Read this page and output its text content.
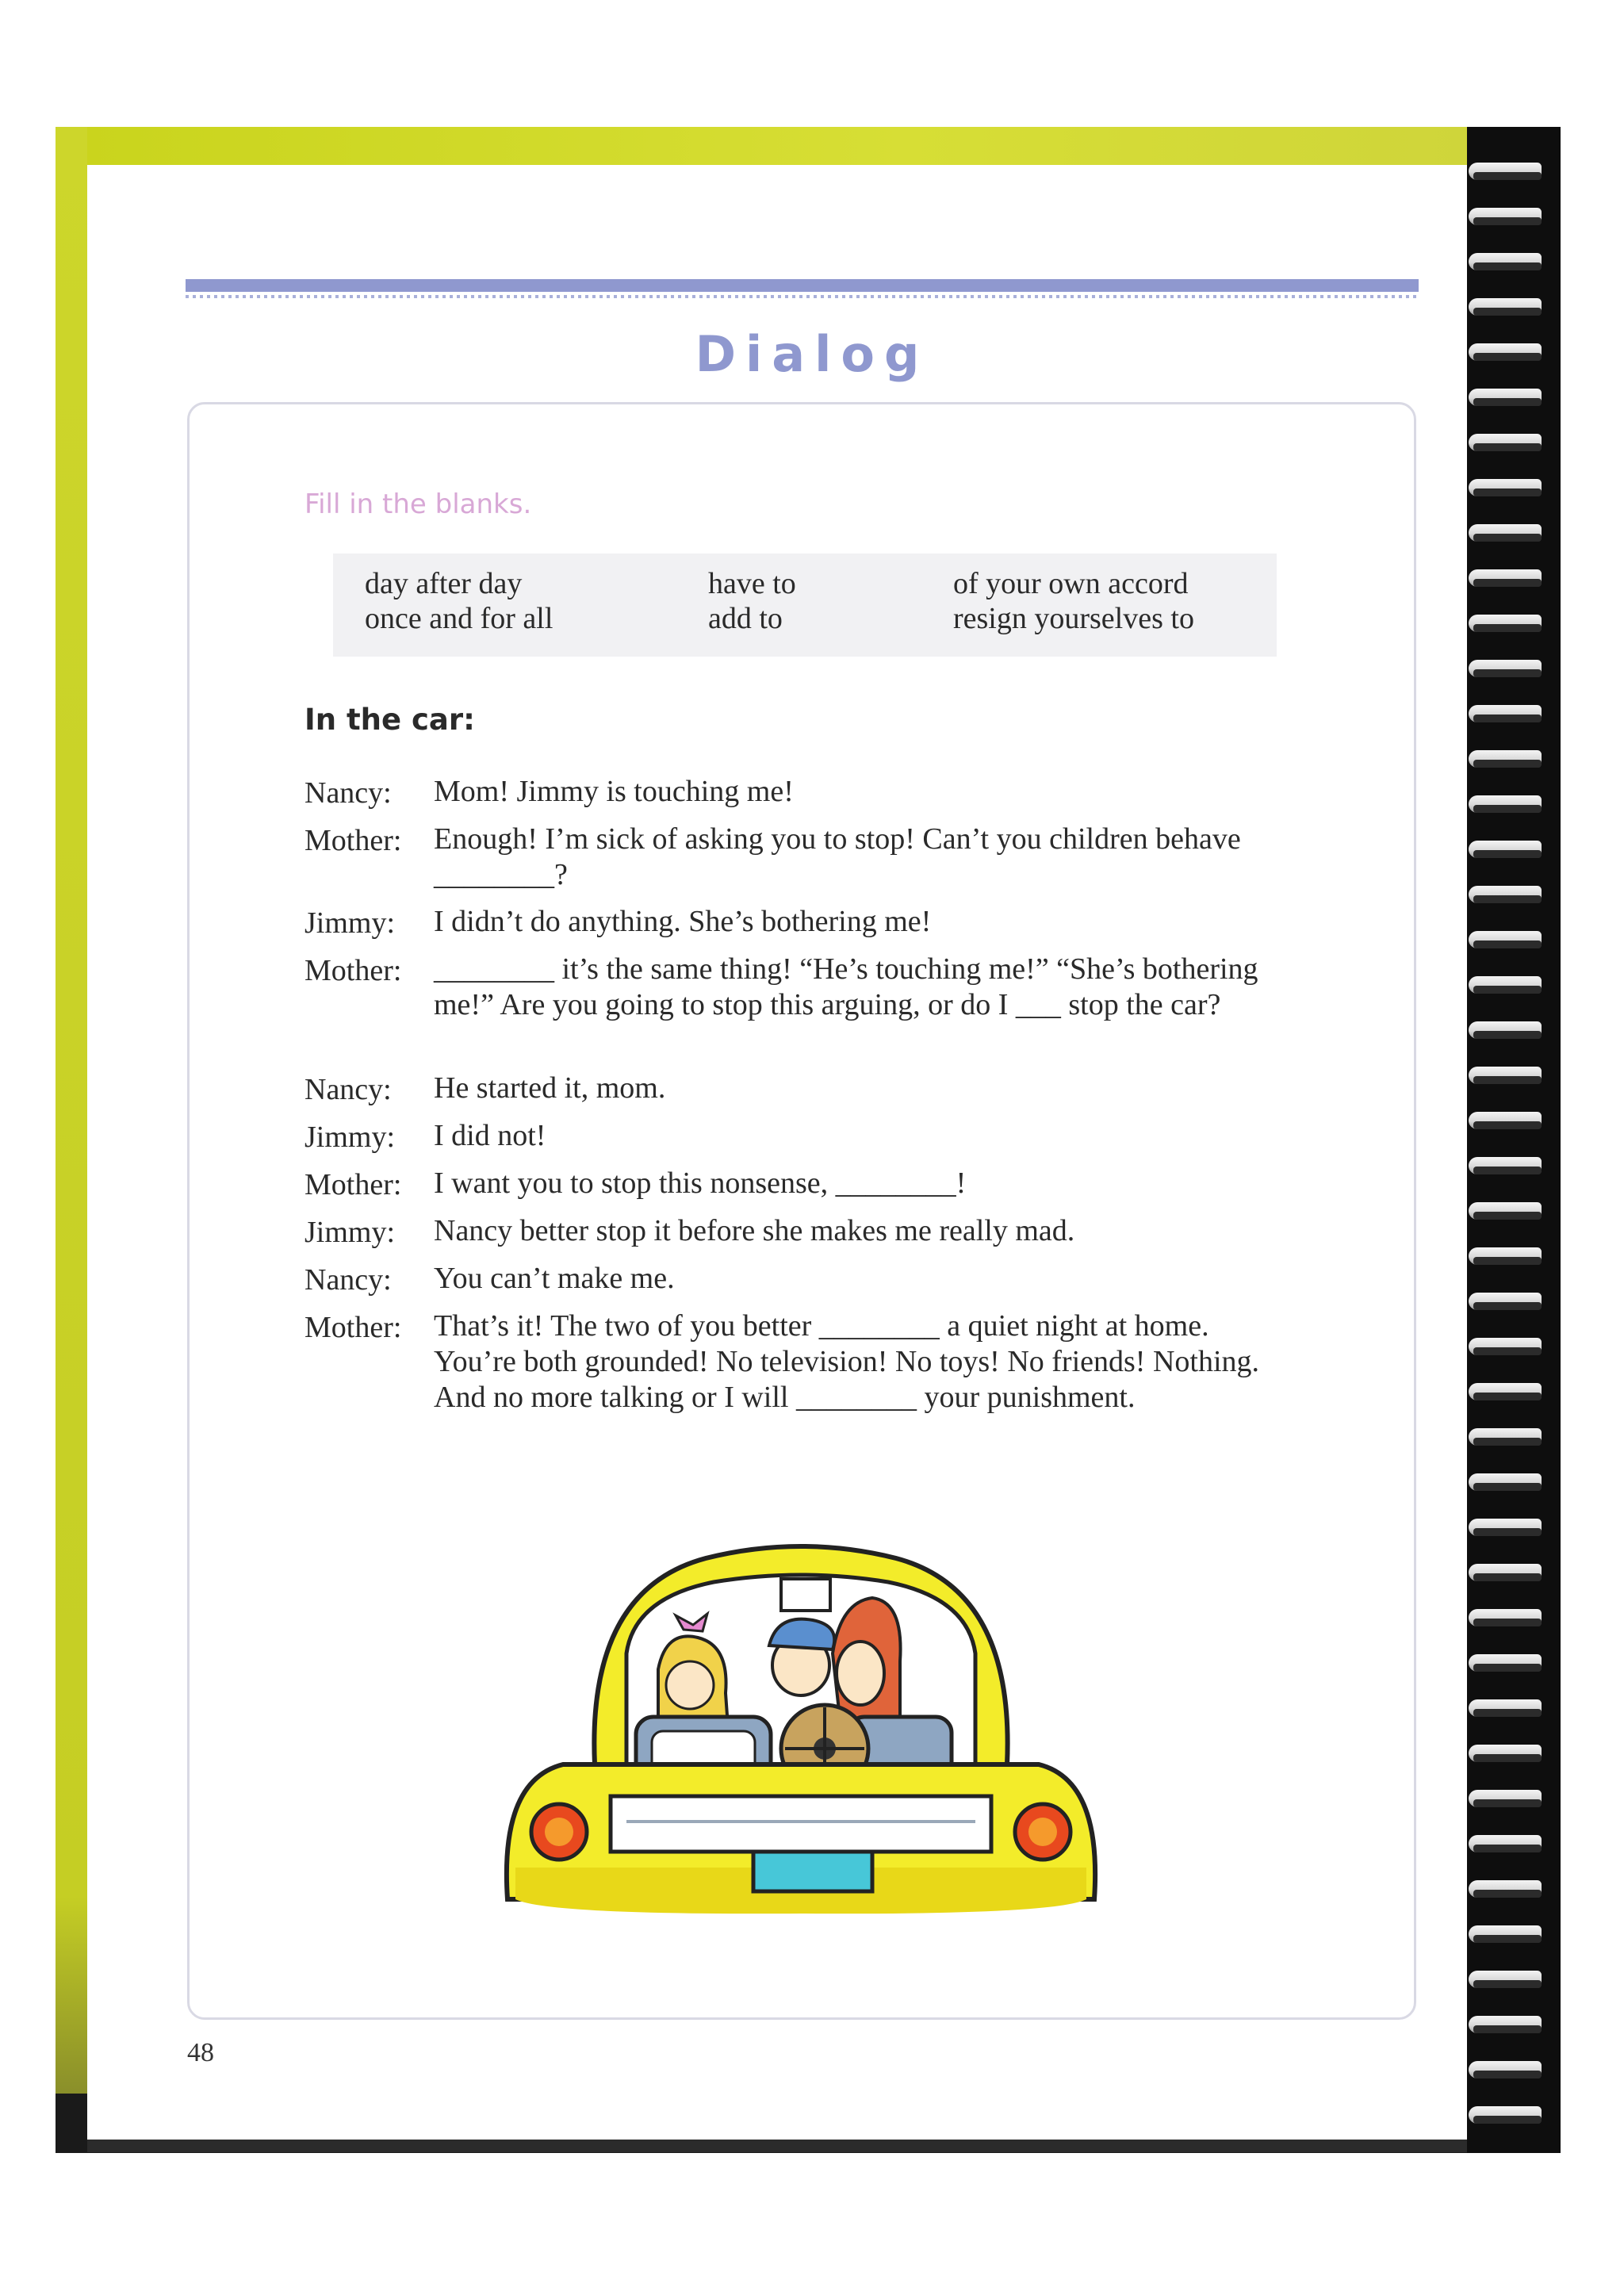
Dialog
Fill in the blanks.
day after day
once and for all
have to
add to
of your own accord
resign yourselves to
In the car:
Nancy: Mom! Jimmy is touching me!
Mother: Enough! I’m sick of asking you to stop! Can’t you children behave ________?
Jimmy: I didn’t do anything. She’s bothering me!
Mother: ________ it’s the same thing! “He’s touching me!” “She’s bothering me!” Are you going to stop this arguing, or do I ___ stop the car?
Nancy: He started it, mom.
Jimmy: I did not!
Mother: I want you to stop this nonsense, ________!
Jimmy: Nancy better stop it before she makes me really mad.
Nancy: You can’t make me.
Mother: That’s it! The two of you better ________ a quiet night at home. You’re both grounded! No television! No toys! No friends! Nothing. And no more talking or I will ________ your punishment.
48
